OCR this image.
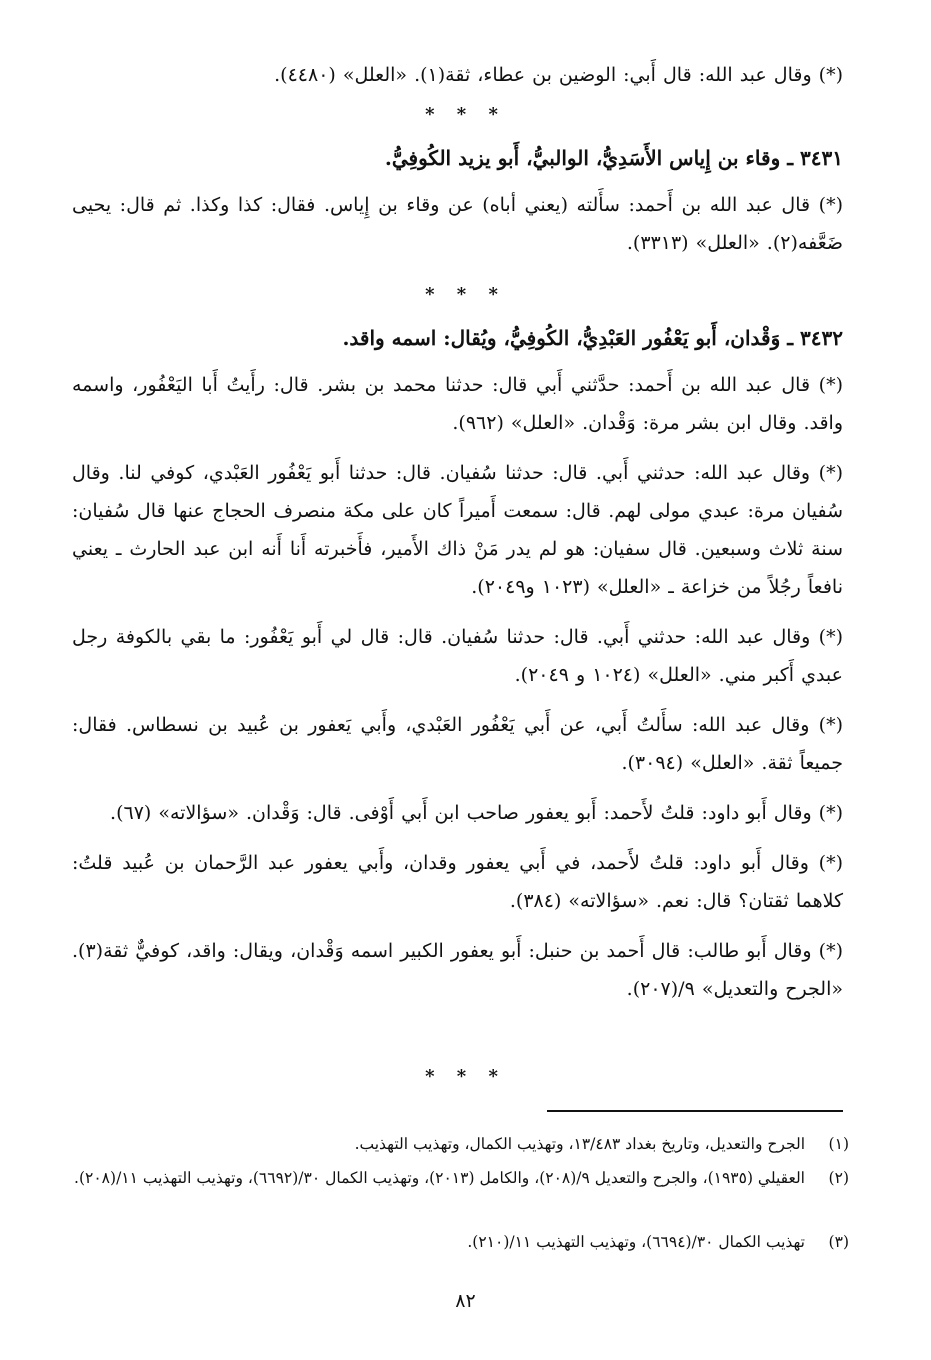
(*) وقال عبد الله: قال أَبي: الوضين بن عطاء، ثقة(١). «العلل» (٤٤٨٠).

* * *

٣٤٣١ ـ وقاء بن إِياس الأَسَدِيُّ، الوالبيُّ، أَبو يزيد الكُوفِيُّ.

(*) قال عبد الله بن أَحمد: سأَلته (يعني أباه) عن وقاء بن إِياس. فقال: كذا وكذا. ثم قال: يحيى ضَعَّفه(٢). «العلل» (٣٣١٣).

* * *

٣٤٣٢ ـ وَقْدان، أَبو يَعْفُور العَبْدِيُّ، الكُوفِيُّ، ويُقال: اسمه واقد.

(*) قال عبد الله بن أَحمد: حدَّثني أَبي قال: حدثنا محمد بن بشر. قال: رأَيتُ أَبا اليَعْفُور، واسمه واقد. وقال ابن بشر مرة: وَقْدان. «العلل» (٩٦٢).

(*) وقال عبد الله: حدثني أَبي. قال: حدثنا سُفيان. قال: حدثنا أَبو يَعْفُور العَبْدي، كوفي لنا. وقال سُفيان مرة: عبدي مولى لهم. قال: سمعت أَميراً كان على مكة منصرف الحجاج عنها قال سُفيان: سنة ثلاث وسبعين. قال سفيان: هو لم يدر مَنْ ذاك الأَمير، فأَخبرته أَنا أَنه ابن عبد الحارث ـ يعني نافعاً رجُلاً من خزاعة ـ «العلل» (١٠٢٣ و٢٠٤٩).

(*) وقال عبد الله: حدثني أَبي. قال: حدثنا سُفيان. قال: قال لي أَبو يَعْفُور: ما بقي بالكوفة رجل عبدي أَكبر مني. «العلل» (١٠٢٤ و ٢٠٤٩).

(*) وقال عبد الله: سأَلتُ أَبي، عن أَبي يَعْفُور العَبْدي، وأَبي يَعفور بن عُبيد بن نسطاس. فقال: جميعاً ثقة. «العلل» (٣٠٩٤).

(*) وقال أَبو داود: قلتُ لأَحمد: أَبو يعفور صاحب ابن أَبي أَوْفى. قال: وَقْدان. «سؤالاته» (٦٧).

(*) وقال أَبو داود: قلتُ لأَحمد، في أَبي يعفور وقدان، وأَبي يعفور عبد الرَّحمان بن عُبيد قلتُ: كلاهما ثقتان؟ قال: نعم. «سؤالاته» (٣٨٤).

(*) وقال أَبو طالب: قال أَحمد بن حنبل: أَبو يعفور الكبير اسمه وَقْدان، ويقال: واقد، كوفيٌّ ثقة(٣). «الجرح والتعديل» ٩/(٢٠٧).

* * *
(١)
الجرح والتعديل، وتاريخ بغداد ١٣/٤٨٣، وتهذيب الكمال، وتهذيب التهذيب.
(٢)
العقيلي (١٩٣٥)، والجرح والتعديل ٩/(٢٠٨)، والكامل (٢٠١٣)، وتهذيب الكمال ٣٠/(٦٦٩٢)، وتهذيب التهذيب ١١/(٢٠٨).
(٣)
تهذيب الكمال ٣٠/(٦٦٩٤)، وتهذيب التهذيب ١١/(٢١٠).
٨٢
